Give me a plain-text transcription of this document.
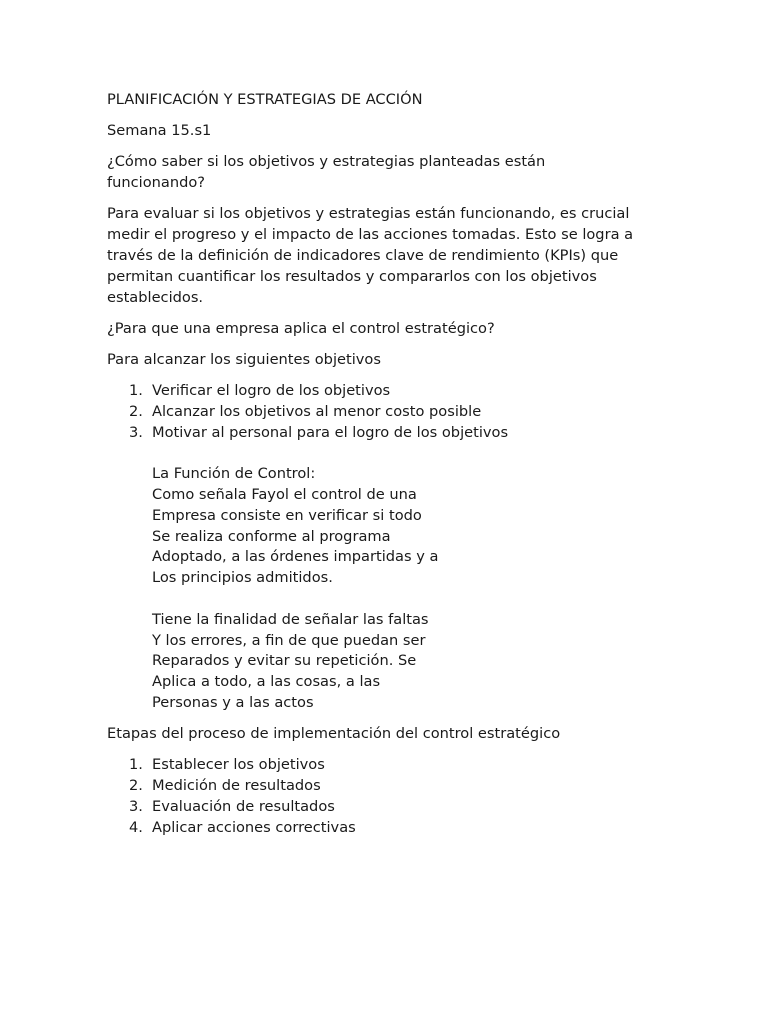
PLANIFICACIÓN Y ESTRATEGIAS DE ACCIÓN

Semana 15.s1

¿Cómo saber si los objetivos y estrategias planteadas están
funcionando?
Para evaluar si los objetivos y estrategias están funcionando, es crucial
medir el progreso y el impacto de las acciones tomadas. Esto se logra a
través de la definición de indicadores clave de rendimiento (KPIs) que
permitan cuantificar los resultados y compararlos con los objetivos
establecidos.

¿Para que una empresa aplica el control estratégico?

Para alcanzar los siguientes objetivos

1. Verificar el logro de los objetivos
2. Alcanzar los objetivos al menor costo posible
3. Motivar al personal para el logro de los objetivos
La Función de Control:
Como señala Fayol el control de una
Empresa consiste en verificar si todo
Se realiza conforme al programa
Adoptado, a las órdenes impartidas y a
Los principios admitidos.
Tiene la finalidad de señalar las faltas
Y los errores, a fin de que puedan ser
Reparados y evitar su repetición. Se
Aplica a todo, a las cosas, a las
Personas y a las actos

Etapas del proceso de implementación del control estratégico

1. Establecer los objetivos
2. Medición de resultados
3. Evaluación de resultados
4. Aplicar acciones correctivas
